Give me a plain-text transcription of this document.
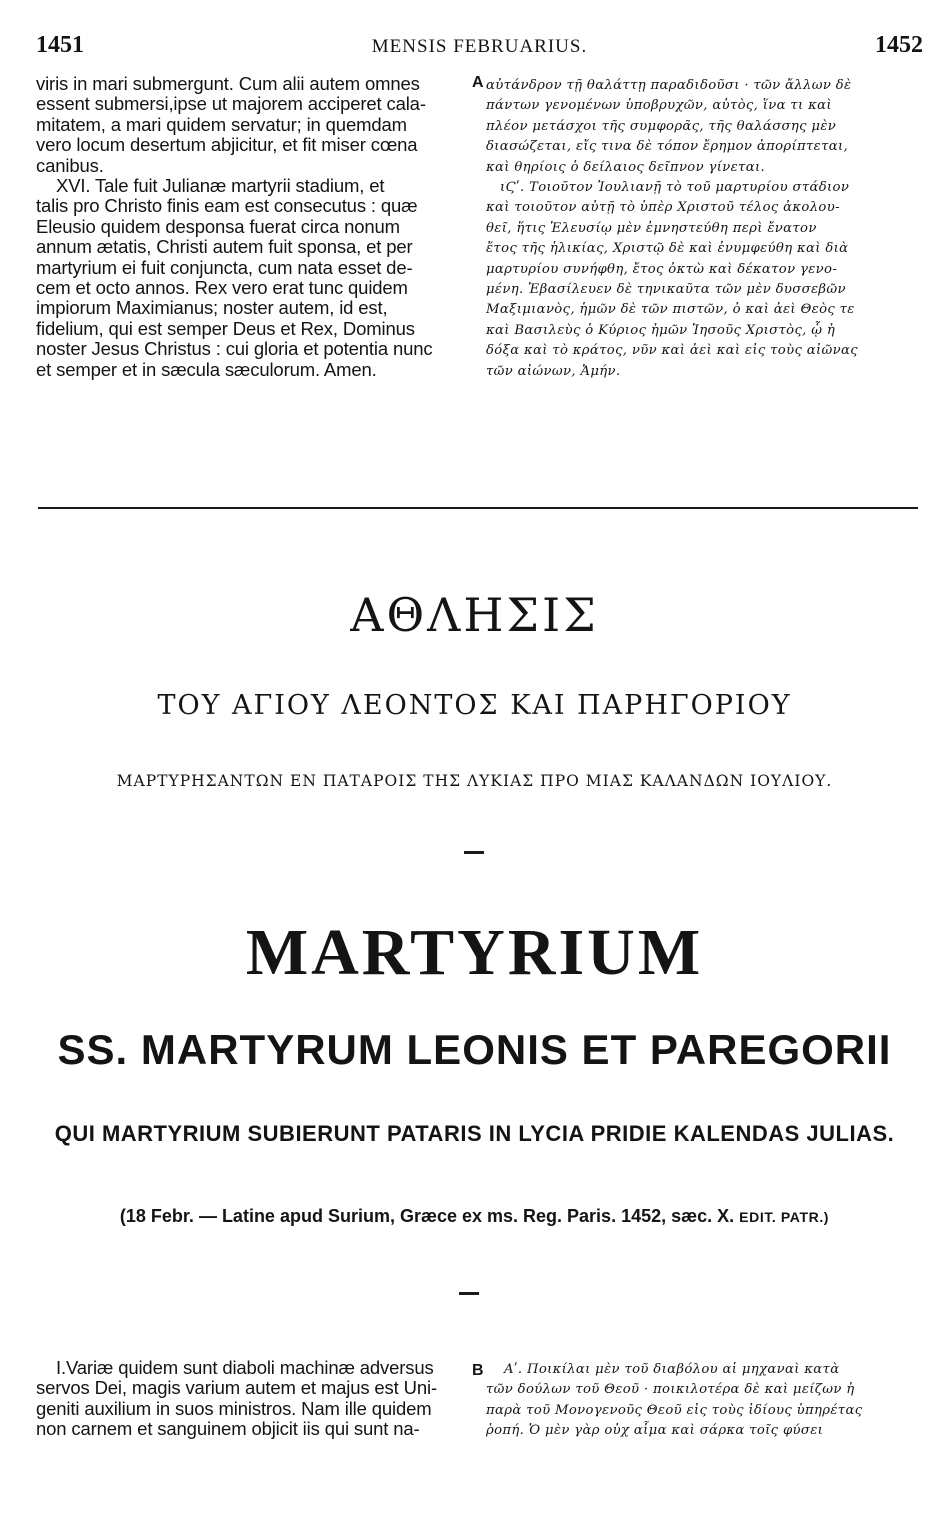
1451	MENSIS FEBRUARIUS.	1452
viris in mari submergunt. Cum alii autem omnes
essent submersi,ipse ut majorem acciperet cala-
mitatem, a mari quidem servatur; in quemdam
vero locum desertum abjicitur, et fit miser cœna
canibus.
XVI. Tale fuit Julianæ martyrii stadium, et
talis pro Christo finis eam est consecutus : quæ
Eleusio quidem desponsa fuerat circa nonum
annum ætatis, Christi autem fuit sponsa, et per
martyrium ei fuit conjuncta, cum nata esset de-
cem et octo annos. Rex vero erat tunc quidem
impiorum Maximianus; noster autem, id est,
fidelium, qui est semper Deus et Rex, Dominus
noster Jesus Christus : cui gloria et potentia nunc
et semper et in sæcula sæculorum. Amen.
A αὐτάνδρον τῇ θαλάττῃ παραδιδοῦσι · τῶν ἄλλων δὲ
πάντων γενομένων ὑποβρυχῶν, αὐτὸς, ἵνα τι καὶ
πλέον μετάσχοι τῆς συμφορᾶς, τῆς θαλάσσης μὲν
διασώζεται, εἴς τινα δὲ τόπον ἔρημον ἀπορίπτεται,
καὶ θηρίοις ὁ δείλαιος δεῖπνον γίνεται.
ιϚʹ. Τοιοῦτον Ἰουλιανῇ τὸ τοῦ μαρτυρίου στάδιον
καὶ τοιοῦτον αὐτῇ τὸ ὑπὲρ Χριστοῦ τέλος ἀκολου-
θεῖ, ἥτις Ἐλευσίῳ μὲν ἐμνηστεύθη περὶ ἔνατον
ἔτος τῆς ἡλικίας, Χριστῷ δὲ καὶ ἐνυμφεύθη καὶ διὰ
μαρτυρίου συνήφθη, ἔτος ὀκτὼ καὶ δέκατον γενο-
μένη. Ἐβασίλευεν δὲ τηνικαῦτα τῶν μὲν δυσσεβῶν
Μαξιμιανὸς, ἡμῶν δὲ τῶν πιστῶν, ὁ καὶ ἀεὶ Θεὸς τε
καὶ Βασιλεὺς ὁ Κύριος ἡμῶν Ἰησοῦς Χριστὸς, ᾧ ἡ
δόξα καὶ τὸ κράτος, νῦν καὶ ἀεὶ καὶ εἰς τοὺς αἰῶνας
τῶν αἰώνων, Ἀμήν.
ΑΘΛΗΣΙΣ
ΤΟΥ ΑΓΙΟΥ ΛΕΟΝΤΟΣ ΚΑΙ ΠΑΡΗΓΟΡΙΟΥ
ΜΑΡΤΥΡΗΣΑΝΤΩΝ ΕΝ ΠΑΤΑΡΟΙΣ ΤΗΣ ΛΥΚΙΑΣ ΠΡΟ ΜΙΑΣ ΚΑΛΑΝΔΩΝ ΙΟΥΛΙΟΥ.
MARTYRIUM
SS. MARTYRUM LEONIS ET PAREGORII
QUI MARTYRIUM SUBIERUNT PATARIS IN LYCIA PRIDIE KALENDAS JULIAS.
(18 Febr. — Latine apud Surium, Græce ex ms. Reg. Paris. 1452, sæc. X. EDIT. PATR.)
I.Variæ quidem sunt diaboli machinæ adversus
servos Dei, magis varium autem et majus est Uni-
geniti auxilium in suos ministros. Nam ille quidem
non carnem et sanguinem objicit iis qui sunt na-
B	Αʹ. Ποικίλαι μὲν τοῦ διαβόλου αἱ μηχαναὶ κατὰ
τῶν δούλων τοῦ Θεοῦ · ποικιλοτέρα δὲ καὶ μείζων ἡ
παρὰ τοῦ Μονογενοῦς Θεοῦ εἰς τοὺς ἰδίους ὑπηρέτας
ῥοπή. Ὁ μὲν γὰρ οὐχ αἷμα καὶ σάρκα τοῖς φύσει
